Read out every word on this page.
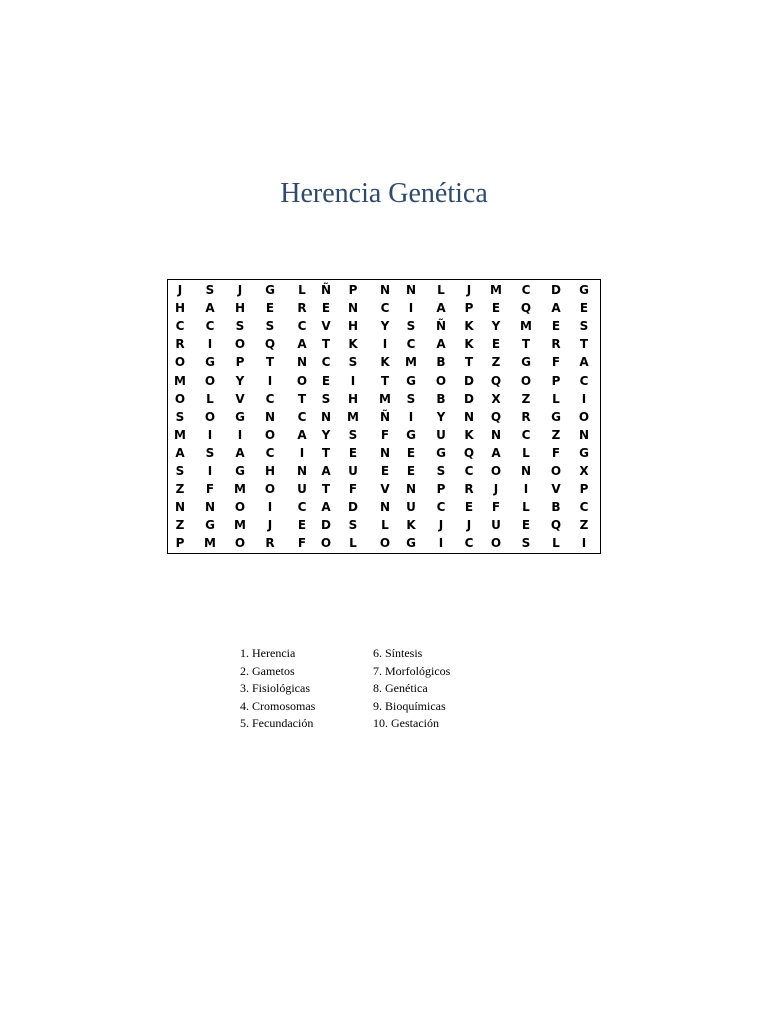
Herencia Genética
J	S	J	G	L	Ñ	P	N	N	L	J	M	C	D	G
H	A	H	E	R	E	N	C	I	A	P	E	Q	A	E
C	C	S	S	C	V	H	Y	S	Ñ	K	Y	M	E	S
R	I	O	Q	A	T	K	I	C	A	K	E	T	R	T
O	G	P	T	N	C	S	K	M	B	T	Z	G	F	A
M	O	Y	I	O	E	I	T	G	O	D	Q	O	P	C
O	L	V	C	T	S	H	M	S	B	D	X	Z	L	I
S	O	G	N	C	N	M	Ñ	I	Y	N	Q	R	G	O
M	I	I	O	A	Y	S	F	G	U	K	N	C	Z	N
A	S	A	C	I	T	E	N	E	G	Q	A	L	F	G
S	I	G	H	N	A	U	E	E	S	C	O	N	O	X
Z	F	M	O	U	T	F	V	N	P	R	J	I	V	P
N	N	O	I	C	A	D	N	U	C	E	F	L	B	C
Z	G	M	J	E	D	S	L	K	J	J	U	E	Q	Z
P	M	O	R	F	O	L	O	G	I	C	O	S	L	I
1. Herencia
2. Gametos
3. Fisiológicas
4. Cromosomas
5. Fecundación
6. Síntesis
7. Morfológicos
8. Genética
9. Bioquímicas
10. Gestación
